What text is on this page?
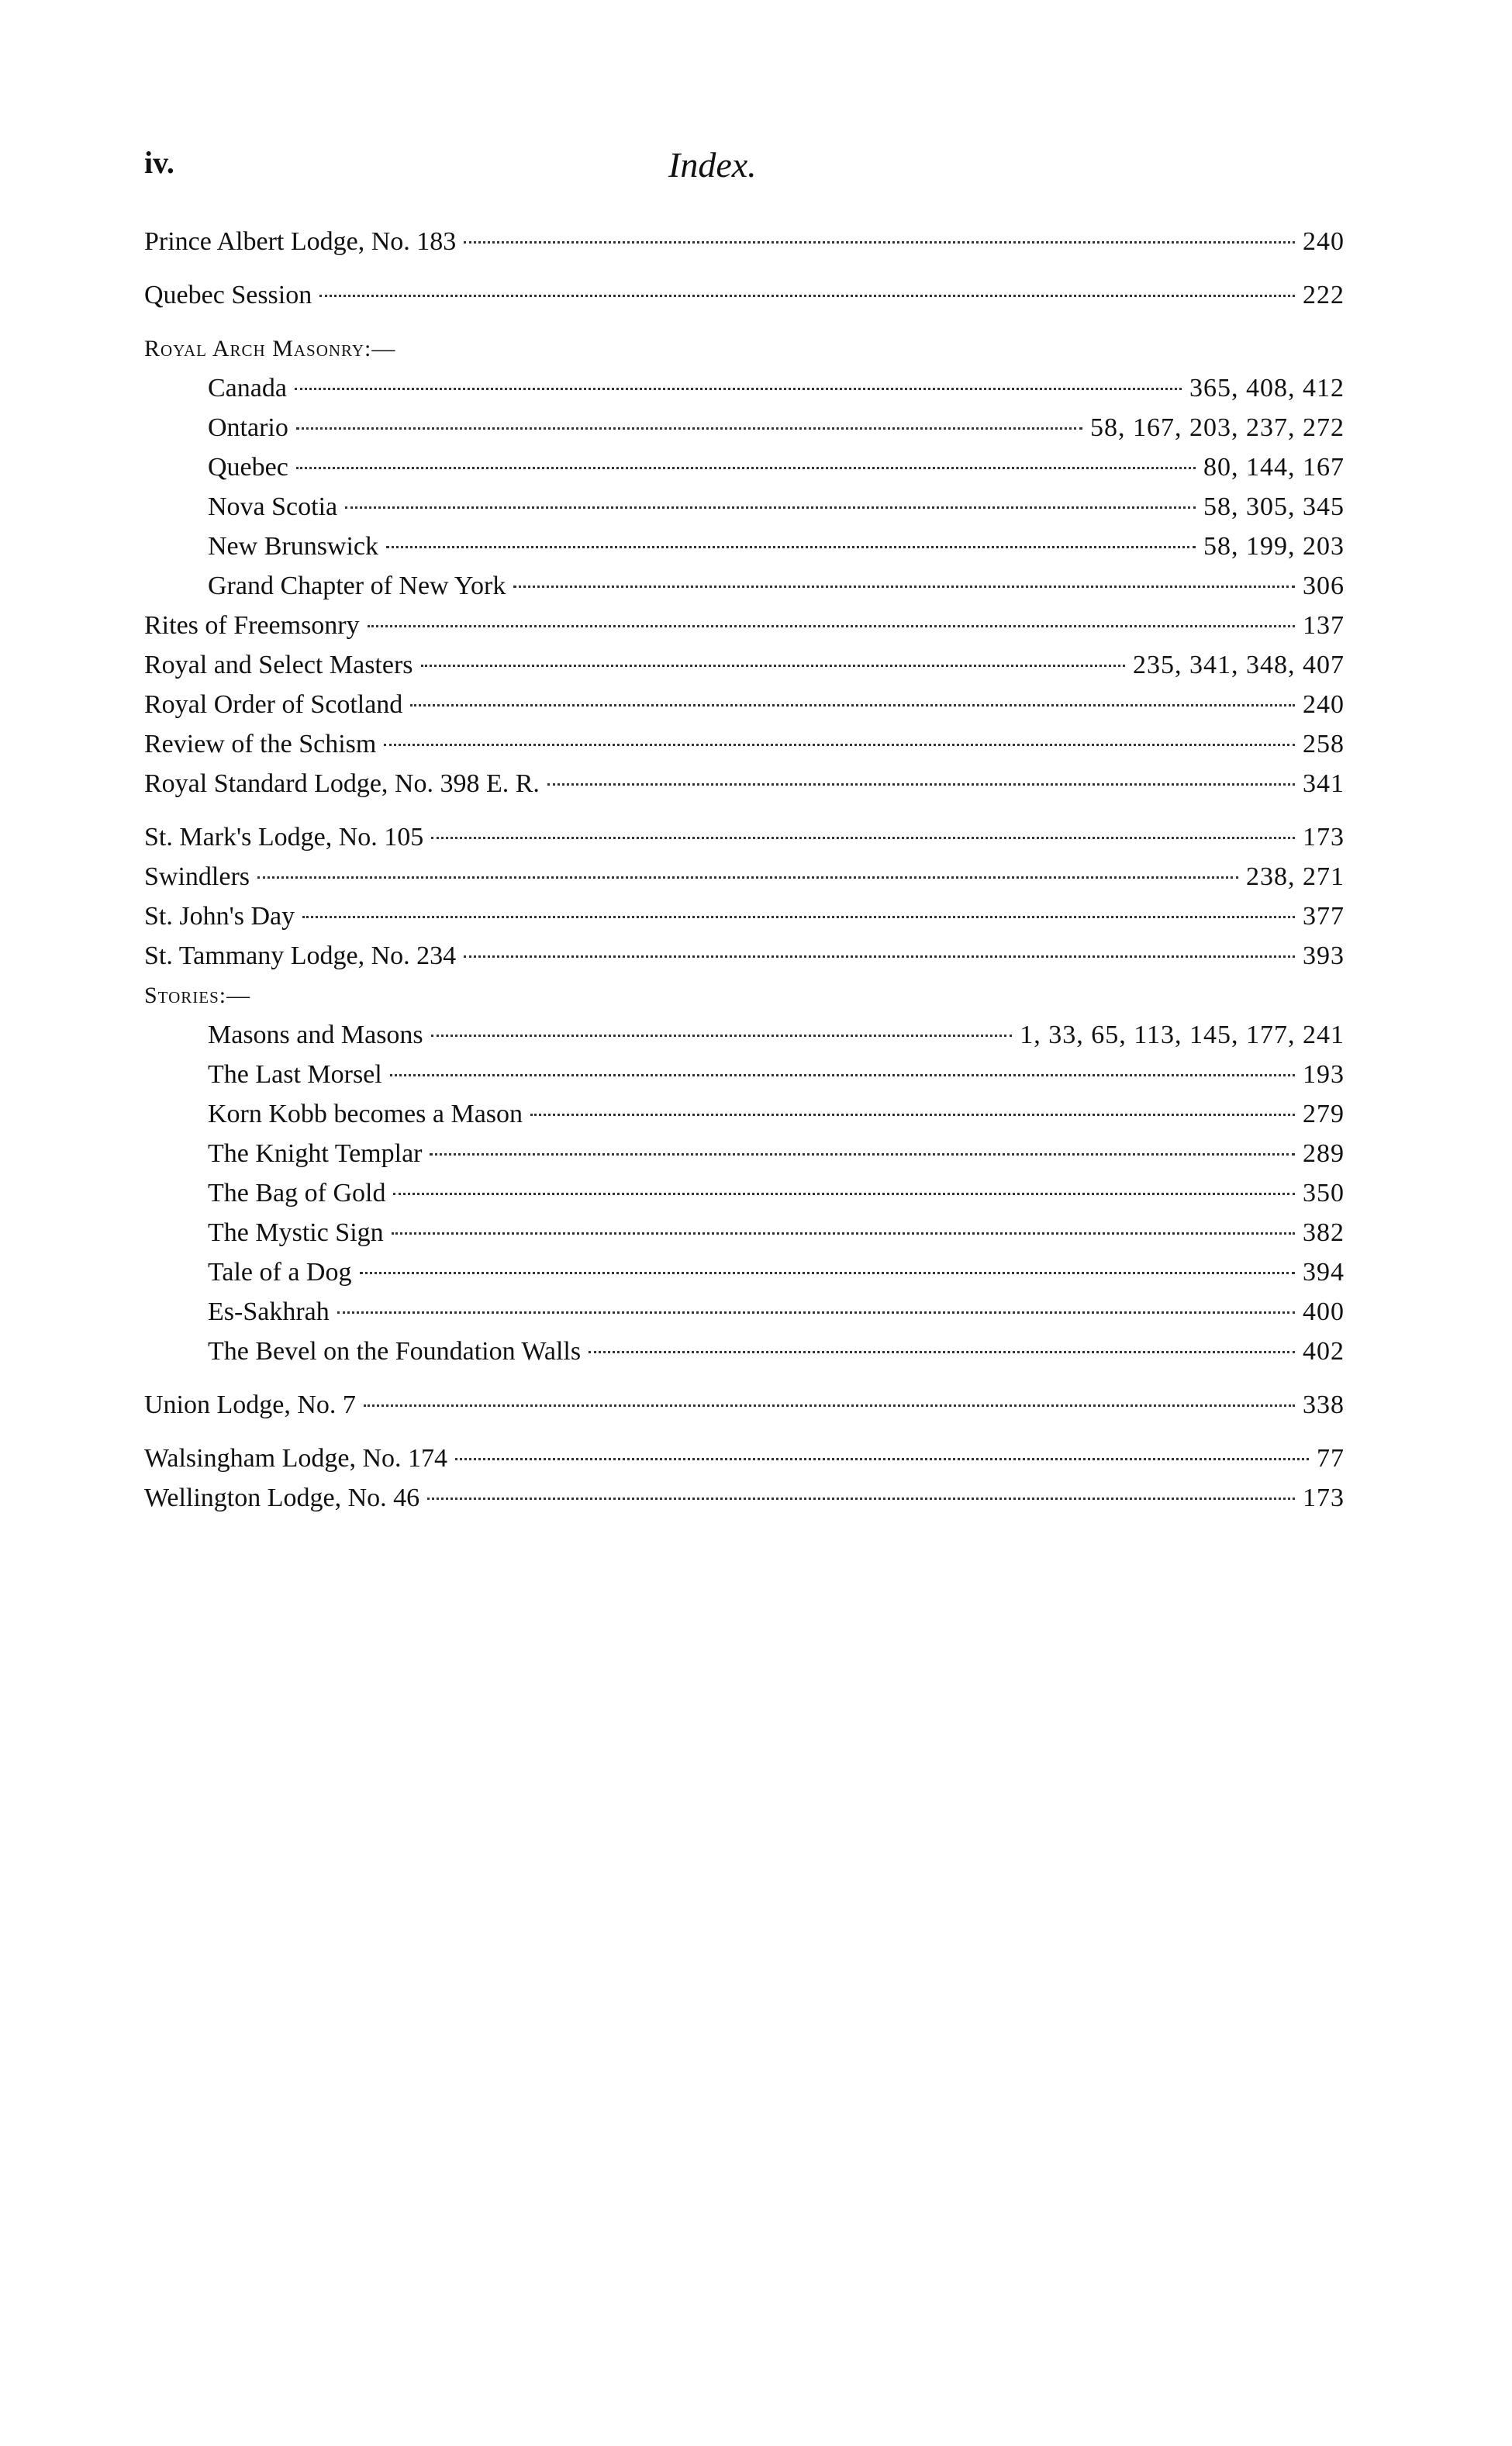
iv.	Index.
Prince Albert Lodge, No. 183	240
Quebec Session	222
Royal Arch Masonry:—
Canada	365, 408, 412
Ontario	58, 167, 203, 237, 272
Quebec	80, 144, 167
Nova Scotia	58, 305, 345
New Brunswick	58, 199, 203
Grand Chapter of New York	306
Rites of Freemsonry	137
Royal and Select Masters	235, 341, 348, 407
Royal Order of Scotland	240
Review of the Schism	258
Royal Standard Lodge, No. 398 E. R.	341
St. Mark's Lodge, No. 105	173
Swindlers	238, 271
St. John's Day	377
St. Tammany Lodge, No. 234	393
Stories:—
Masons and Masons	1, 33, 65, 113, 145, 177, 241
The Last Morsel	193
Korn Kobb becomes a Mason	279
The Knight Templar	289
The Bag of Gold	350
The Mystic Sign	382
Tale of a Dog	394
Es-Sakhrah	400
The Bevel on the Foundation Walls	402
Union Lodge, No. 7	338
Walsingham Lodge, No. 174	77
Wellington Lodge, No. 46	173
